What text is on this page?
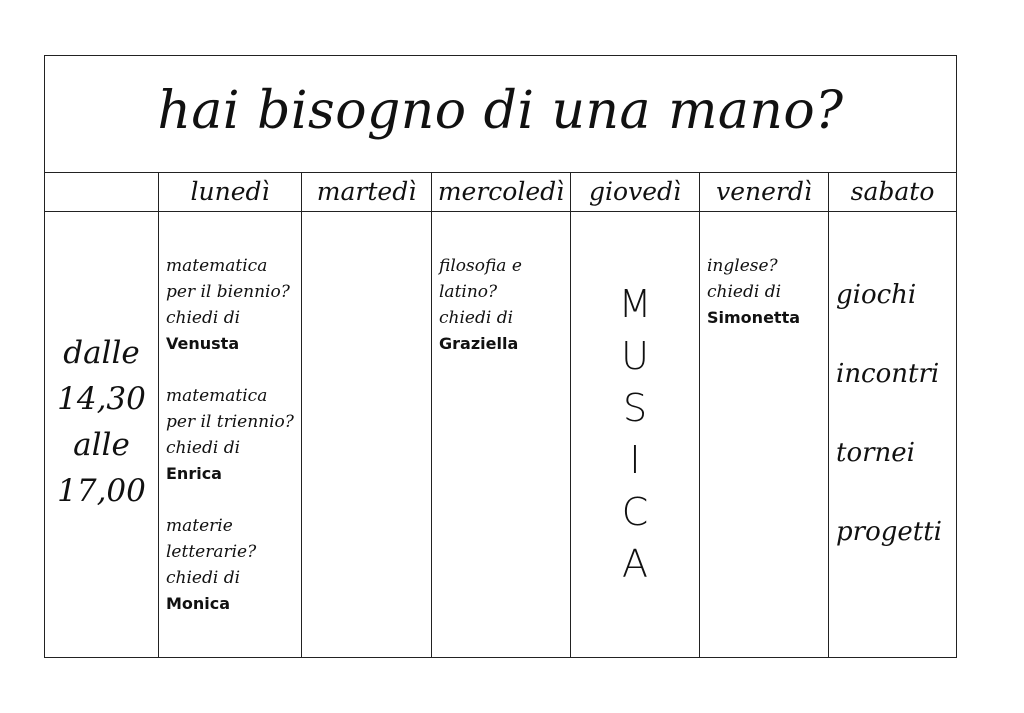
hai bisogno di una mano?
dalle
14,30
alle
17,00
lunedì
matematica
per il biennio?
chiedi di
Venusta
matematica
per il triennio?
chiedi di
Enrica
materie
letterarie?
chiedi di
Monica
martedì mercoledì
filosofia e
latino?
chiedi di
Graziella
giovedì
M
U
S
I
C
A
venerdì
inglese?
chiedi di
Simonetta
sabato
giochi
incontri
tornei
progetti
